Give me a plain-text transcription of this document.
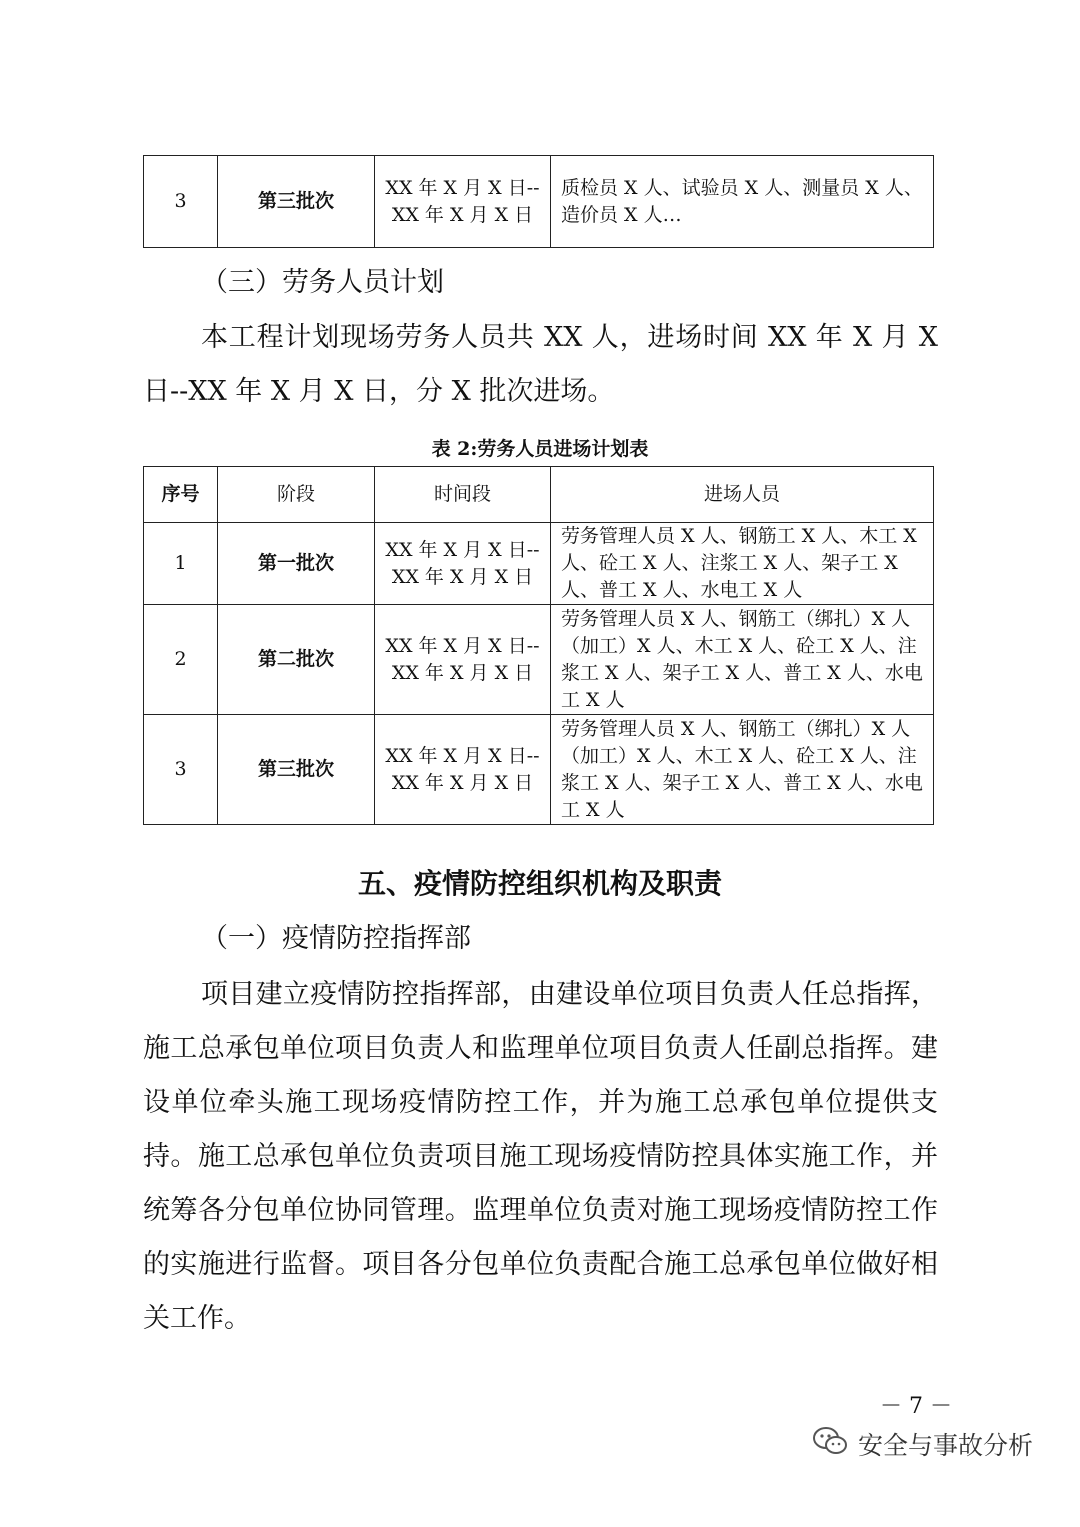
3	第三批次	XX 年 X 月 X 日--XX 年 X 月 X 日	质检员 X 人、试验员 X 人、测量员 X 人、造价员 X 人…

（三）劳务人员计划

本工程计划现场劳务人员共 XX 人，进场时间 XX 年 X 月 X 日--XX 年 X 月 X 日，分 X 批次进场。

表 2:劳务人员进场计划表
序号	阶段	时间段	进场人员
1	第一批次	XX 年 X 月 X 日--XX 年 X 月 X 日	劳务管理人员 X 人、钢筋工 X 人、木工 X 人、砼工 X 人、注浆工 X 人、架子工 X 人、普工 X 人、水电工 X 人
2	第二批次	XX 年 X 月 X 日--XX 年 X 月 X 日	劳务管理人员 X 人、钢筋工（绑扎）X 人（加工）X 人、木工 X 人、砼工 X 人、注浆工 X 人、架子工 X 人、普工 X 人、水电工 X 人
3	第三批次	XX 年 X 月 X 日--XX 年 X 月 X 日	劳务管理人员 X 人、钢筋工（绑扎）X 人（加工）X 人、木工 X 人、砼工 X 人、注浆工 X 人、架子工 X 人、普工 X 人、水电工 X 人
五、疫情防控组织机构及职责

（一）疫情防控指挥部

项目建立疫情防控指挥部，由建设单位项目负责人任总指挥，施工总承包单位项目负责人和监理单位项目负责人任副总指挥。建设单位牵头施工现场疫情防控工作，并为施工总承包单位提供支持。施工总承包单位负责项目施工现场疫情防控具体实施工作，并统筹各分包单位协同管理。监理单位负责对施工现场疫情防控工作的实施进行监督。项目各分包单位负责配合施工总承包单位做好相关工作。

－ 7 －
安全与事故分析
